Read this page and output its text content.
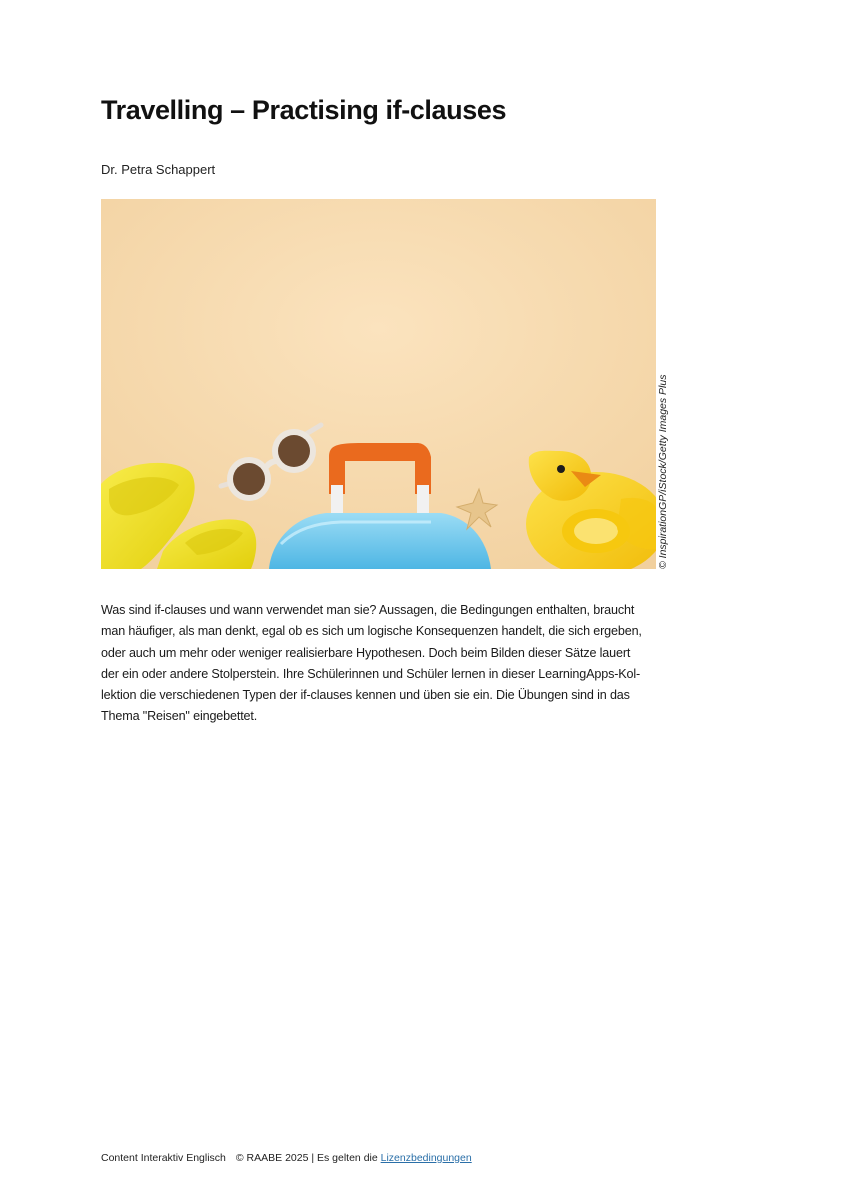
Travelling – Practising if-clauses
Dr. Petra Schappert
© InspirationGP/iStock/Getty Images Plus
Was sind if-clauses und wann verwendet man sie? Aussagen, die Bedingungen enthalten, braucht
man häufiger, als man denkt, egal ob es sich um logische Konsequenzen handelt, die sich ergeben,
oder auch um mehr oder weniger realisierbare Hypothesen. Doch beim Bilden dieser Sätze lauert
der ein oder andere Stolperstein. Ihre Schülerinnen und Schüler lernen in dieser LearningApps-Kol-
lektion die verschiedenen Typen der if-clauses kennen und üben sie ein. Die Übungen sind in das
Thema "Reisen" eingebettet.
Content Interaktiv Englisch © RAABE 2025 | Es gelten die Lizenzbedingungen
